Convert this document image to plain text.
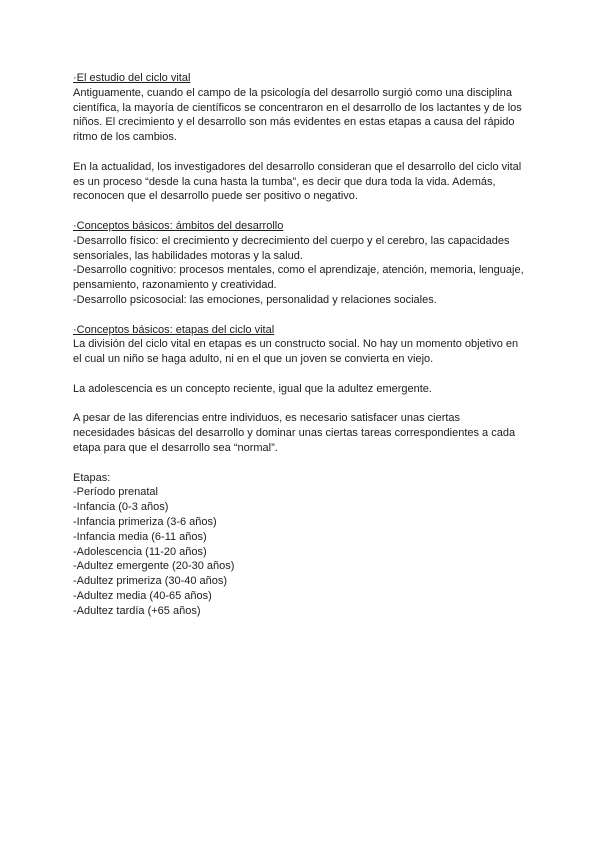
·El estudio del ciclo vital
Antiguamente, cuando el campo de la psicología del desarrollo surgió como una disciplina
científica, la mayoría de científicos se concentraron en el desarrollo de los lactantes y de los
niños. El crecimiento y el desarrollo son más evidentes en estas etapas a causa del rápido
ritmo de los cambios.
En la actualidad, los investigadores del desarrollo consideran que el desarrollo del ciclo vital
es un proceso “desde la cuna hasta la tumba”, es decir que dura toda la vida. Además,
reconocen que el desarrollo puede ser positivo o negativo.
·Conceptos básicos: ámbitos del desarrollo
-Desarrollo físico: el crecimiento y decrecimiento del cuerpo y el cerebro, las capacidades
sensoriales, las habilidades motoras y la salud.
-Desarrollo cognitivo: procesos mentales, como el aprendizaje, atención, memoria, lenguaje,
pensamiento, razonamiento y creatividad.
-Desarrollo psicosocial: las emociones, personalidad y relaciones sociales.
·Conceptos básicos: etapas del ciclo vital
La división del ciclo vital en etapas es un constructo social. No hay un momento objetivo en
el cual un niño se haga adulto, ni en el que un joven se convierta en viejo.
La adolescencia es un concepto reciente, igual que la adultez emergente.
A pesar de las diferencias entre individuos, es necesario satisfacer unas ciertas
necesidades básicas del desarrollo y dominar unas ciertas tareas correspondientes a cada
etapa para que el desarrollo sea “normal”.
Etapas:
-Período prenatal
-Infancia (0-3 años)
-Infancia primeriza (3-6 años)
-Infancia media (6-11 años)
-Adolescencia (11-20 años)
-Adultez emergente (20-30 años)
-Adultez primeriza (30-40 años)
-Adultez media (40-65 años)
-Adultez tardía (+65 años)
